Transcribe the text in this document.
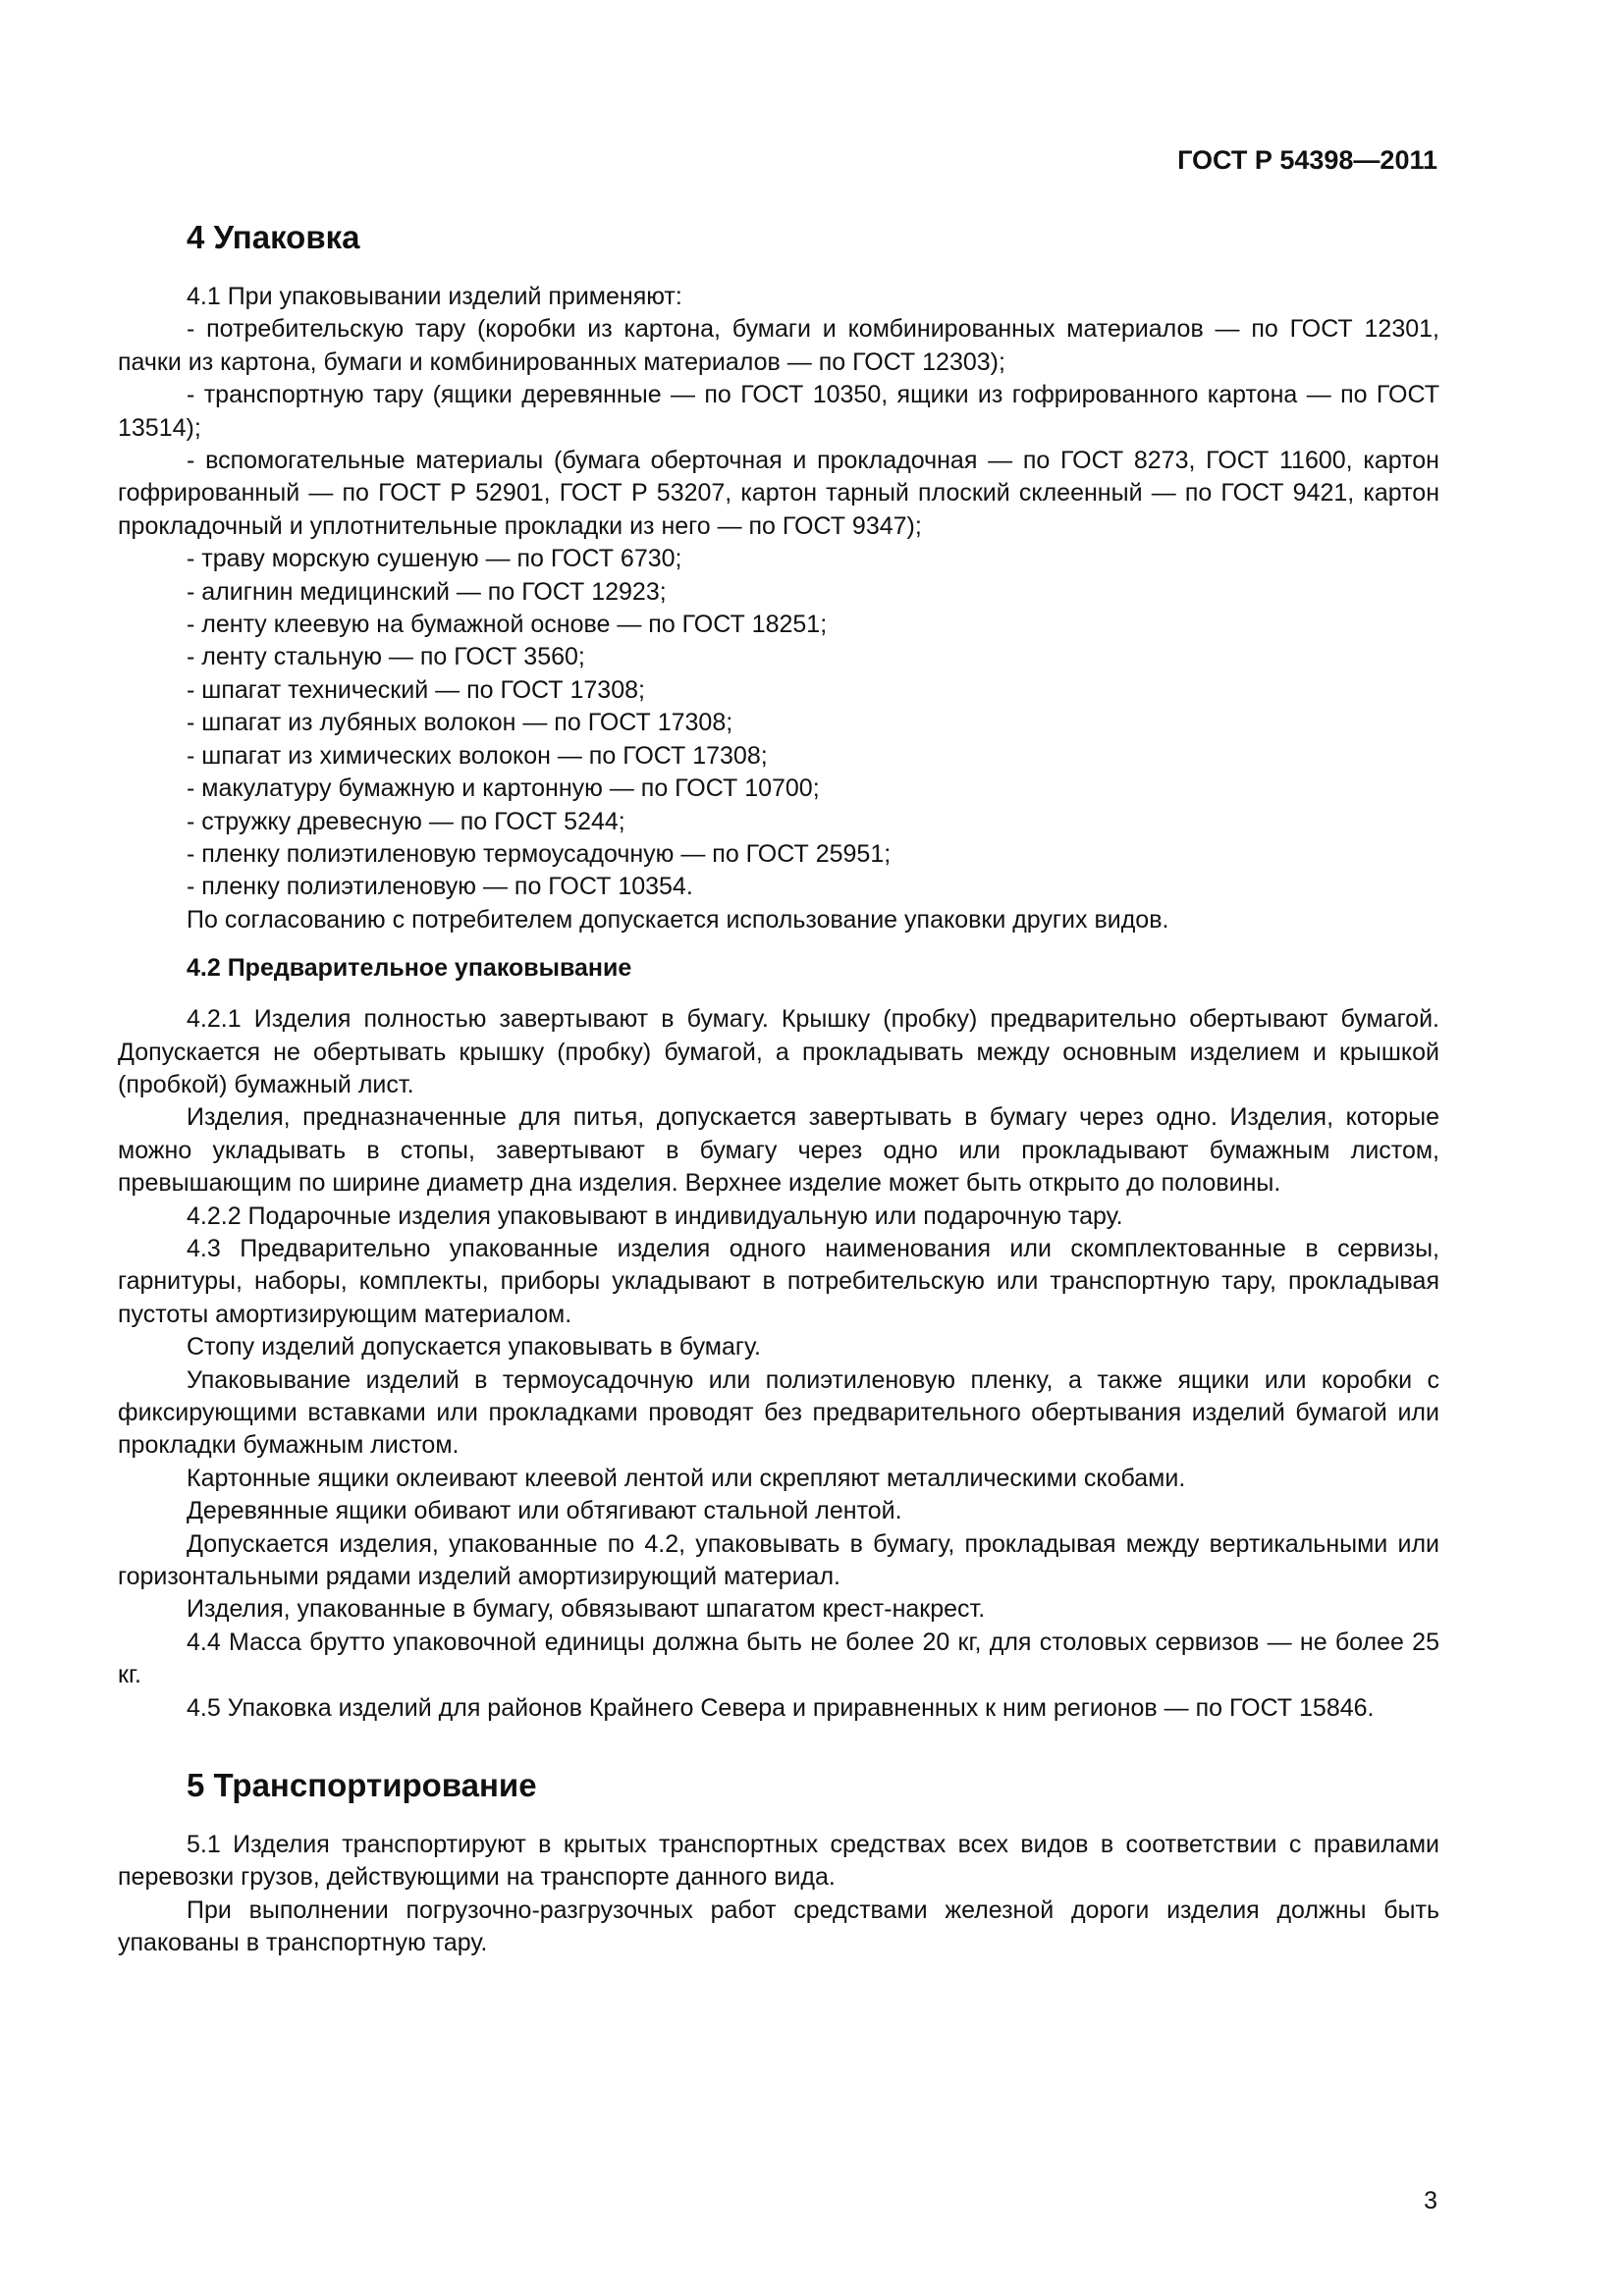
ГОСТ Р 54398—2011
4 Упаковка

4.1 При упаковывании изделий применяют:

- потребительскую тару (коробки из картона, бумаги и комбинированных материалов — по ГОСТ 12301, пачки из картона, бумаги и комбинированных материалов — по ГОСТ 12303);

- транспортную тару (ящики деревянные — по ГОСТ 10350, ящики из гофрированного картона — по ГОСТ 13514);

- вспомогательные материалы (бумага оберточная и прокладочная — по ГОСТ 8273, ГОСТ 11600, картон гофрированный — по ГОСТ Р 52901, ГОСТ Р 53207, картон тарный плоский склеенный — по ГОСТ 9421, картон прокладочный и уплотнительные прокладки из него — по ГОСТ 9347);

- траву морскую сушеную — по ГОСТ 6730;

- алигнин медицинский — по ГОСТ 12923;

- ленту клеевую на бумажной основе — по ГОСТ 18251;

- ленту стальную — по ГОСТ 3560;

- шпагат технический — по ГОСТ 17308;

- шпагат из лубяных волокон — по ГОСТ 17308;

- шпагат из химических волокон — по ГОСТ 17308;

- макулатуру бумажную и картонную — по ГОСТ 10700;

- стружку древесную — по ГОСТ 5244;

- пленку полиэтиленовую термоусадочную — по ГОСТ 25951;

- пленку полиэтиленовую — по ГОСТ 10354.

По согласованию с потребителем допускается использование упаковки других видов.

4.2 Предварительное упаковывание

4.2.1 Изделия полностью завертывают в бумагу. Крышку (пробку) предварительно обертывают бумагой. Допускается не обертывать крышку (пробку) бумагой, а прокладывать между основным изделием и крышкой (пробкой) бумажный лист.

Изделия, предназначенные для питья, допускается завертывать в бумагу через одно. Изделия, которые можно укладывать в стопы, завертывают в бумагу через одно или прокладывают бумажным листом, превышающим по ширине диаметр дна изделия. Верхнее изделие может быть открыто до половины.

4.2.2 Подарочные изделия упаковывают в индивидуальную или подарочную тару.

4.3 Предварительно упакованные изделия одного наименования или скомплектованные в сервизы, гарнитуры, наборы, комплекты, приборы укладывают в потребительскую или транспортную тару, прокладывая пустоты амортизирующим материалом.

Стопу изделий допускается упаковывать в бумагу.

Упаковывание изделий в термоусадочную или полиэтиленовую пленку, а также ящики или коробки с фиксирующими вставками или прокладками проводят без предварительного обертывания изделий бумагой или прокладки бумажным листом.

Картонные ящики оклеивают клеевой лентой или скрепляют металлическими скобами.

Деревянные ящики обивают или обтягивают стальной лентой.

Допускается изделия, упакованные по 4.2, упаковывать в бумагу, прокладывая между вертикальными или горизонтальными рядами изделий амортизирующий материал.

Изделия, упакованные в бумагу, обвязывают шпагатом крест-накрест.

4.4 Масса брутто упаковочной единицы должна быть не более 20 кг, для столовых сервизов — не более 25 кг.

4.5 Упаковка изделий для районов Крайнего Севера и приравненных к ним регионов — по ГОСТ 15846.

5 Транспортирование

5.1 Изделия транспортируют в крытых транспортных средствах всех видов в соответствии с правилами перевозки грузов, действующими на транспорте данного вида.

При выполнении погрузочно-разгрузочных работ средствами железной дороги изделия должны быть упакованы в транспортную тару.

3
